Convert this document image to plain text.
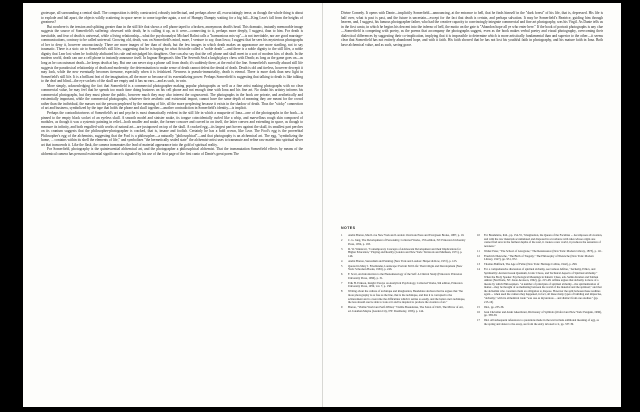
grotesque, all surrounding a central skull. The composition is deftly constructed, robustly intellectual, and perhaps above all, excruciatingly tense, as though the whole thing is about to explode and fall apart, the objects wildly scattering in space never to come together again, a sort of Humpty Dumpty waiting for a big fall—King Lear's fall from the heights of greatness?

But nowhere is the tension and splitting greater than in the still life that shows a cell phone taped to a broken, anonymous death's head. This dramatic, instantly memorable image suggests the source of Somerfield's suffering: obsessed with death, he is calling it up, as it were—connecting to it, perhaps more deeply, I suggest, than to him. For death is inevitable, and fear of death is universal, while a living relationship—what the psychoanalyst Michael Balint calls a "harmonious mix-up"—is not inevitable, nor are good marriage-communications, contrary to be called universal. Growing old, death, was on Somerfield's mind, more, I venture to say, than Iowa; I suggest that he sees his mysterious photographs of her to deny it, however unconsciously. There are more images of her than of death, but the few images in which death makes an appearance are more startling, not to say traumatic. There is a stoic air to Somerfield's still lifes, suggesting that he is hoping for what Aristotle called a "noble death"—and there is a noble dignity to the still lifes, a noble dignity that Lear lost when he foolishly abdicated his rule and misjudged his daughters. One can also say that the cell phone and skull meet in a sort of modern kiss of death. In the modern world, death can use a cell phone to instantly announce itself. In Ingmar Bergman's film The Seventh Seal a knight plays chess with Death; as long as the game goes on—as long as he can outsmart death—he keeps death at bay. But one can never stop a phone call from death; it's suddenly there, at the end of the line. Somerfield's surreally absurd still life suggests the paradoxical relationship of death and modernity: the determination to make sense of death cannot defeat the denial of death. Death is old and tireless, however decrepit it may look, while the new eventually becomes tiresome, especially when it is fetishized. Newness is pseudo-immortality, death is eternal. There is more dark than new light in Somerfield's still life. It is a brilliant feat of the imagination, all the more so because of its essentializing power. Perhaps Somerfield is suggesting that talking to death is like talking to the deaf and blind—the eye sockets of the skull are empty and it has no ears—and as such, in vain.

More simply, acknowledging the fact that Somerfield is a commercial photographer making popular photographs as well as a fine artist making photographs with no clear commercial value, he may feel that he spends too much time doing business on his cell phone and not enough time with Iona and his fine art. No doubt his artistry informs his commercial photographs, but they must please the public, however much they may also interest the cognoscenti. The photographs in the book are private, and aesthetically and existentially important, while the commercial photographs, whatever their aesthetic and existential import, cannot have the same depth of meaning they are meant for the crowd rather than the individual, the masses not the person perplexed by the meaning of life, all the more perplexing because it exists in the shadow of death. Thus the "sticky" connection of art and business, symbolized by the tape that holds the phone and skull together—another contradiction in Somerfield's identity—is implicit.

Perhaps the contradictoriness of Somerfield's art and psyche is most dramatically evident in the still life in which a maquette of Iona—one of the photographs in the book—is pinned to the empty black socket of an eyeless skull. A smooth model and sinister snake, its tongue coincidentally curled like a whip, and marvellous rough skin composed of modules, as though it was a systemic painting in relief—both smaller and snake, the former concave and curved in on itself, the latter convex and extending in space, as though to measure its infinity, and both engulfed with works of natural art—are juxtaposed on top of the skull. A cracked egg—its largest part hovers against the skull, its smallest part perches on its cranium suggests that the philosopher-photographer is cracked, that is, insane and foolish. Certainly he has a bold crown, like Lear. The Fool's egg is the proverbial Philosopher's egg of the alchemists, suggesting that the Fool is a philosopher—a naturally "philosophical"—and that photography is an alchemical art. The egg, "symbolizing the home, ... contains within its shell the elements of life," and symbolizes "the hermetically sealed state" the alchemist-artist uses to transmute and refine raw matter into spiritual silver art that transcends it. Like the flask, the camera transmutes the lead of material appearance into the gold of spiritual reality.

For Somerfield, photography is the quintessential alchemical art, and the photographer a philosophical alchemist. That the transmutation Somerfield effects by means of the alchemical camera has personal existential significance is signaled by his use of the first page of the first canto of Dante's great poem The

Divine Comedy. It opens with Dante—implicitly Somerfield—announcing, at the entrance to hell, that he finds himself in the "dark forest" of his life, that is, depressed. His life is half over, what is past is past, and the future is uncertain—except for the fact that death is certain, and perhaps salvation. It may be Somerfield's Beatrice, guiding him through heaven, and, I suggest, his famous photographer father, who had the creative capacity to convincingly integrate commercial and fine art photography, was his Virgil. As Dante tells us in the first canto, in which he begins his descent into the inferno of hell, the motto on the gate is "Abandon hope all ye who enter here." If the book of portrait photographs is any clue—Somerfield is competing with poetry, as the poems that accompany the photographs suggest, even as the book makes verbal poetry and visual photography, overcoming their dialectical differences by suggesting their co-implication, implying that it is impossible to determine which is more artistically fundamental than and superior to the other—it seems clear that Somerfield has not entirely abandoned hope, and with it faith. His faith showed that he has not lost his youthful faith in photography, and his mature faith in Iona. Both have alchemical value, and as such, saving grace.

NOTES
1	André Breton, Mad Love New York and London: Overlook Press and Evergreen Books, 1987, p. 19.
2	C. G. Jung, The Development of Personality, Collected Works, 17th edition, NJ: Princeton University Press, 1954, p. 193.
3	D. W. Winnicott, "Contemporary Concepts of Adolescent Development and their Implications for Higher Education," Playing and Reality (London and New York: Tavistock and Methuen, 1971), p. 146.
4	André Breton, Surrealism and Painting (New York and London: Harper & Row, 1972), p. 125.
5	Quoted in Mary J. Friedlander, Landscape: Portrait Still Life: Their Origin and Development (New York: Schocken Books, 1963), p. 246.
6	F. Scott, An Introduction to the Phenomenology of the Self: A Clinical Study (Princeton: Princeton University Press, 1990), p. 31.
7	Erik H. Erikson, Insight: Essays on Analytical Psychology, Collected Works, 9th edition, Princeton University Press, 1959, vol. 7, p. 158.
8	Writing about the culture of technique and imagination, Baudelaire declares that he argues that "the more photography is as free as the line, that is the technique, and that it is corrupted to the achievement and to overcome the difficulties which it settles so easily, and the better one's technique, the less should one be able to look at it and be inspired to produce the creation of art."
9	Breton, "Visible World and Self-Willed," Visible Boundaries, The Salon of 1945, The Mirror of Art, ed. Jonathan Mayne (Garden City, NY: Doubleday, 1956), p. 144.
10	For Baudelaire, ibid., pp. 154-55, "imagination, the Queen of the Faculties ... decomposes all creation, and with the raw materials accumulated and disposed in accordance with rules whose origin one cannot find save in the furthest depths of the soul, it creates a new world, it produces the sensation of newness."
11	Walter Pater, "The School of Giorgione," The Renaissance (New York: Modern Library, 1873), p. 111.
12	Friedrich Nietzsche, "The Birth of Tragedy," The Philosophy of Nietzsche (New York: Modern Library, 1927), pp. 951, 972.
13	Thomas Bulfinch, The Age of Fable (New York: Heritage Collins, 1942), p. 299.
14	For a comprehensive discussion of spiritual alchemy, see Gideon Alfrine, "Alchemy, Ethics, and Spirituality: Ancient Greek Quantum, Iconic Chaos, and Technical Aspects of Spiritual Alchemy." When the Body Speaks: Psychological Meanings in Kinetic Clues, eds. Selma Kramer and Salman Akhtar (Northvale, NJ: Jason Aronson, 1992), pp. 215-48. Alfrine argues that alchemy is more of a means by which Philosophers. "A number of principles of spiritual alchemy—the spiritualization of matter—may be thought of as mediating between the world of the material and the spiritual," and that the alchemist who considers them an obligation to dispose. However the split between these realities again ... when used the camera they happened, in fact, all these many types of building and imprecise, "alchemy," with its alchemical trade "was one as mysterious ... and distinct from one another." (pp. 215-16)
15	Ibid., pp. 235-36.
16	Jean Chevalier and Alain Gheerbrant, Dictionary of Symbols (Oxford and New York: Penguin, 1996), pp. 338-39.
17	Ibid. All subsequent references to quotations made in the text include additional meaning of egg, as the spring and dance to the essay, are from the entry devoted to it, pp. 337-39.
